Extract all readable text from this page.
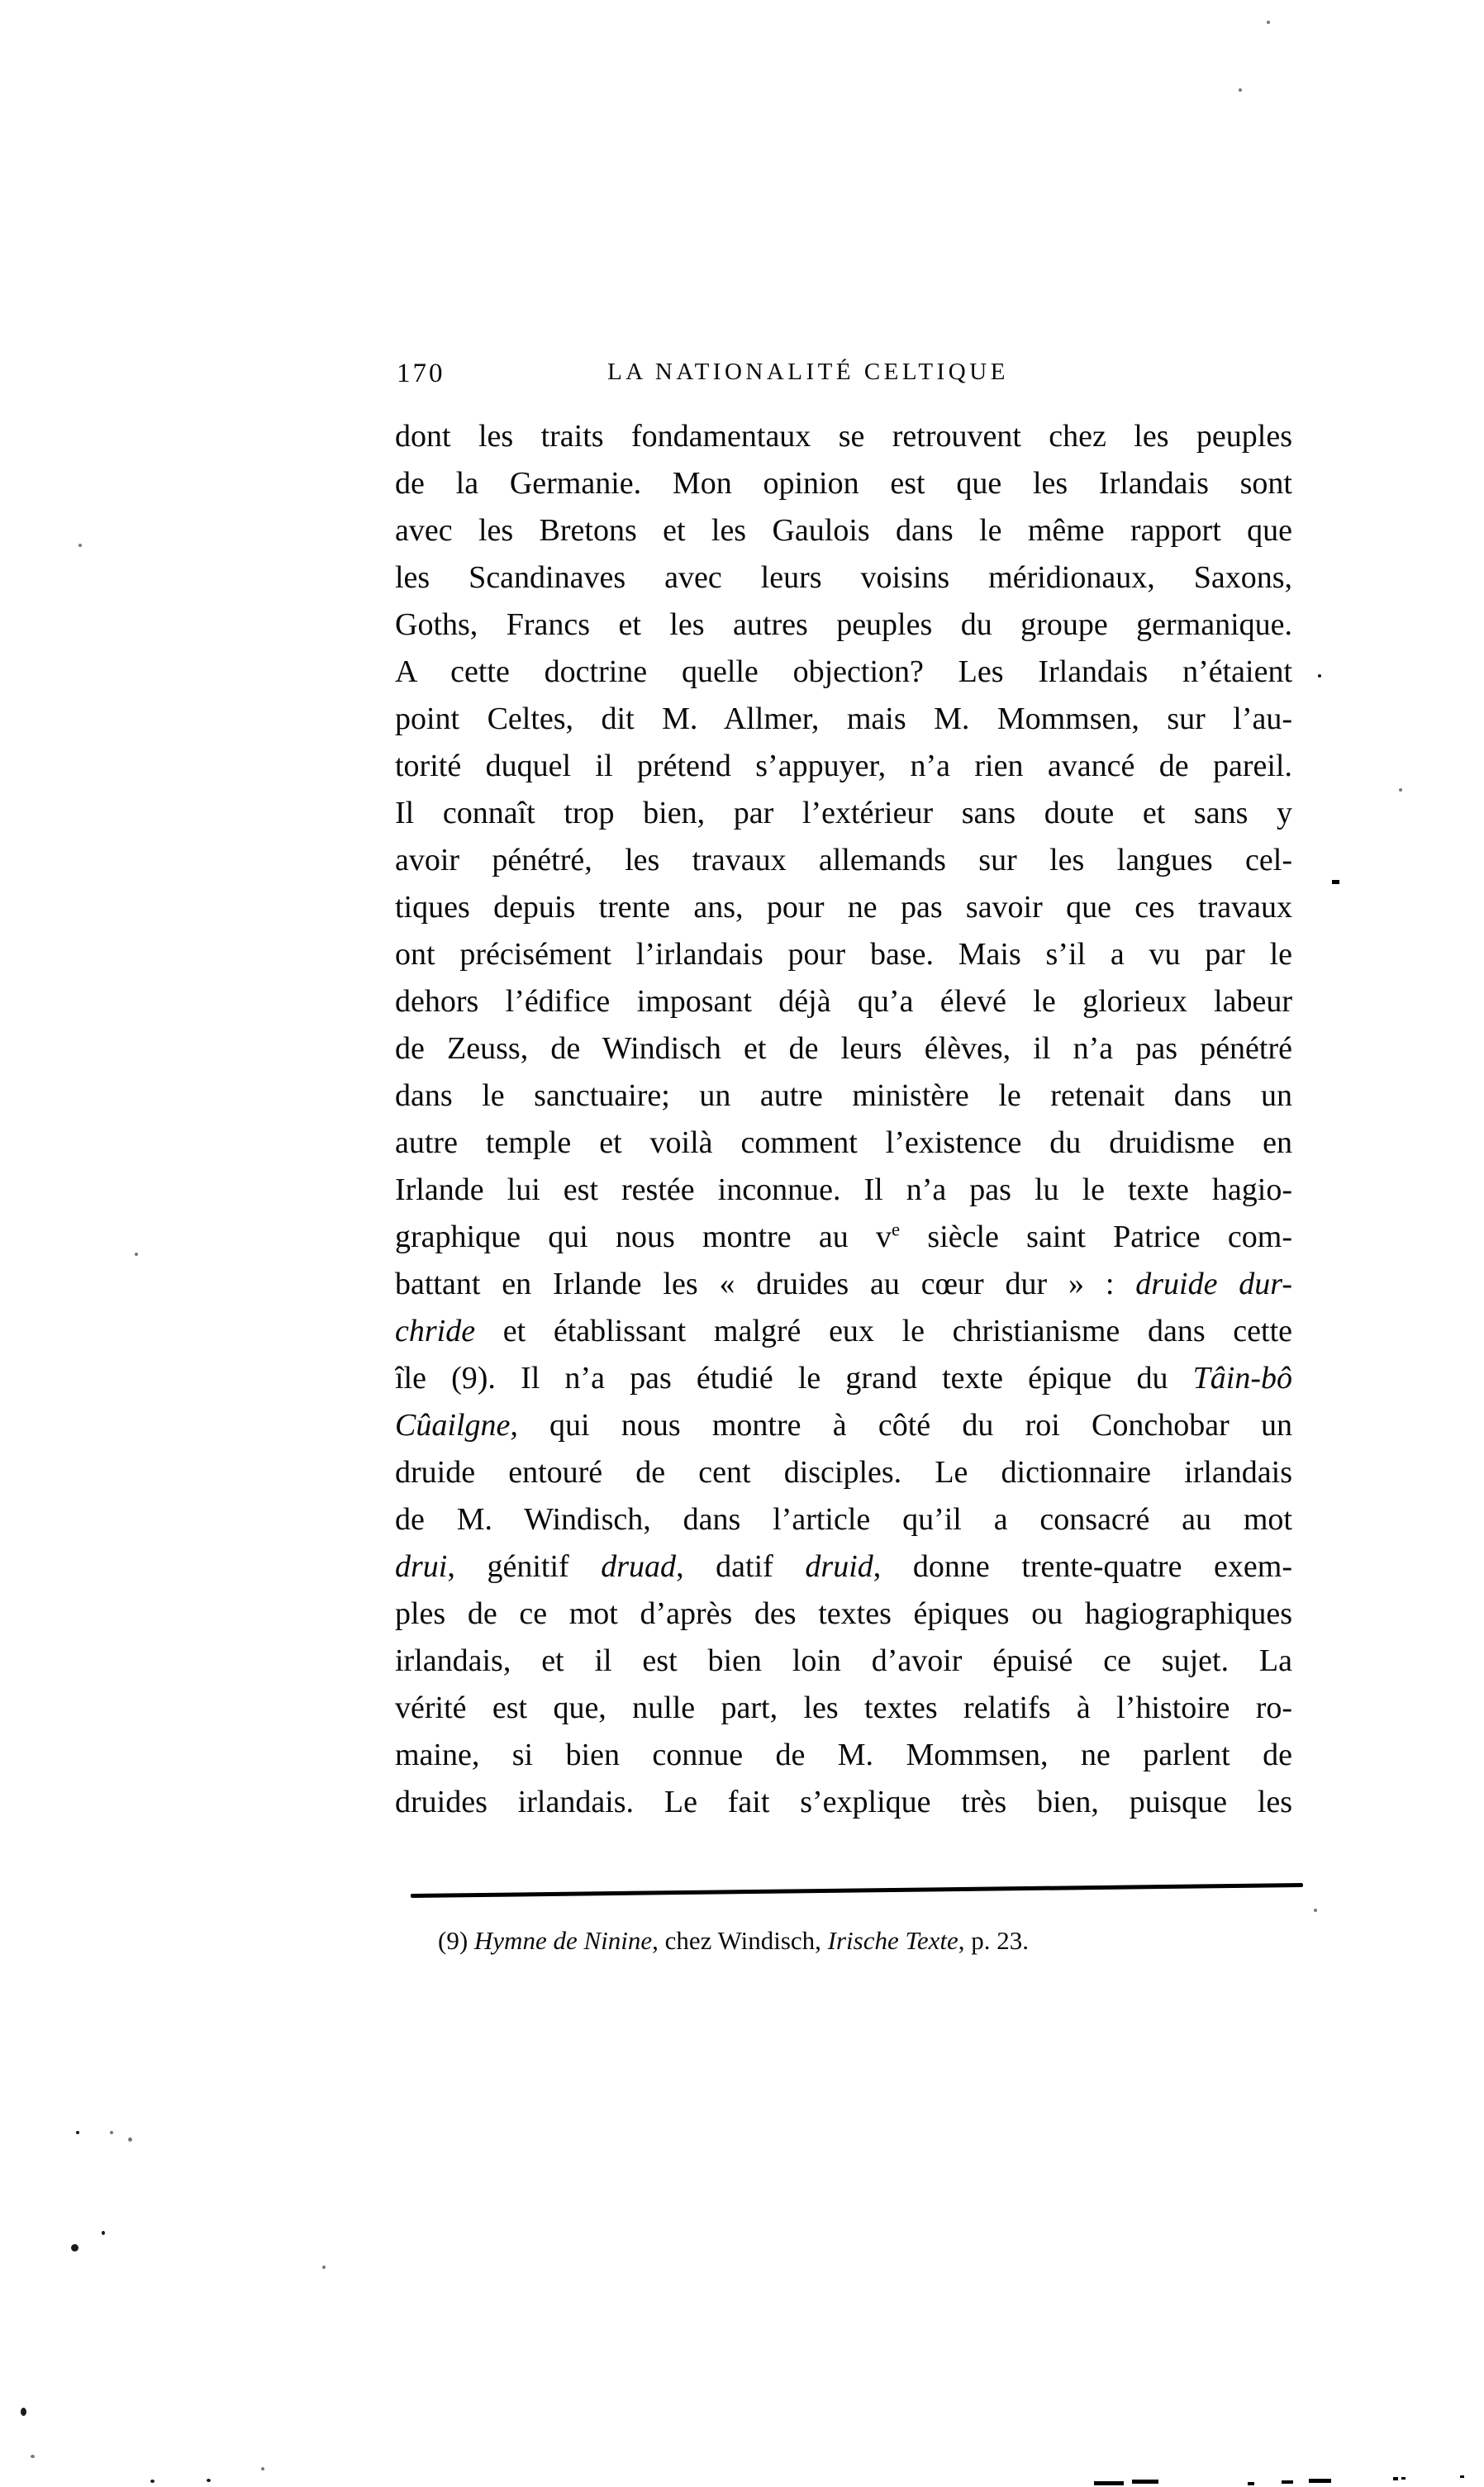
170	LA NATIONALITÉ CELTIQUE
dont les traits fondamentaux se retrouvent chez les peuples
de la Germanie. Mon opinion est que les Irlandais sont
avec les Bretons et les Gaulois dans le même rapport que
les Scandinaves avec leurs voisins méridionaux, Saxons,
Goths, Francs et les autres peuples du groupe germanique.
A cette doctrine quelle objection? Les Irlandais n’étaient
point Celtes, dit M. Allmer, mais M. Mommsen, sur l’au-
torité duquel il prétend s’appuyer, n’a rien avancé de pareil.
Il connaît trop bien, par l’extérieur sans doute et sans y
avoir pénétré, les travaux allemands sur les langues cel-
tiques depuis trente ans, pour ne pas savoir que ces travaux
ont précisément l’irlandais pour base. Mais s’il a vu par le
dehors l’édifice imposant déjà qu’a élevé le glorieux labeur
de Zeuss, de Windisch et de leurs élèves, il n’a pas pénétré
dans le sanctuaire; un autre ministère le retenait dans un
autre temple et voilà comment l’existence du druidisme en
Irlande lui est restée inconnue. Il n’a pas lu le texte hagio-
graphique qui nous montre au $v^e$ siècle saint Patrice com-
battant en Irlande les « druides au cœur dur » : druide dur-
chride et établissant malgré eux le christianisme dans cette
île (9). Il n’a pas étudié le grand texte épique du Tâin-bô
Cûailgne, qui nous montre à côté du roi Conchobar un
druide entouré de cent disciples. Le dictionnaire irlandais
de M. Windisch, dans l’article qu’il a consacré au mot
drui, génitif druad, datif druid, donne trente-quatre exem-
ples de ce mot d’après des textes épiques ou hagiographiques
irlandais, et il est bien loin d’avoir épuisé ce sujet. La
vérité est que, nulle part, les textes relatifs à l’histoire ro-
maine, si bien connue de M. Mommsen, ne parlent de
druides irlandais. Le fait s’explique très bien, puisque les
(9) Hymne de Ninine, chez Windisch, Irische Texte, p. 23.
